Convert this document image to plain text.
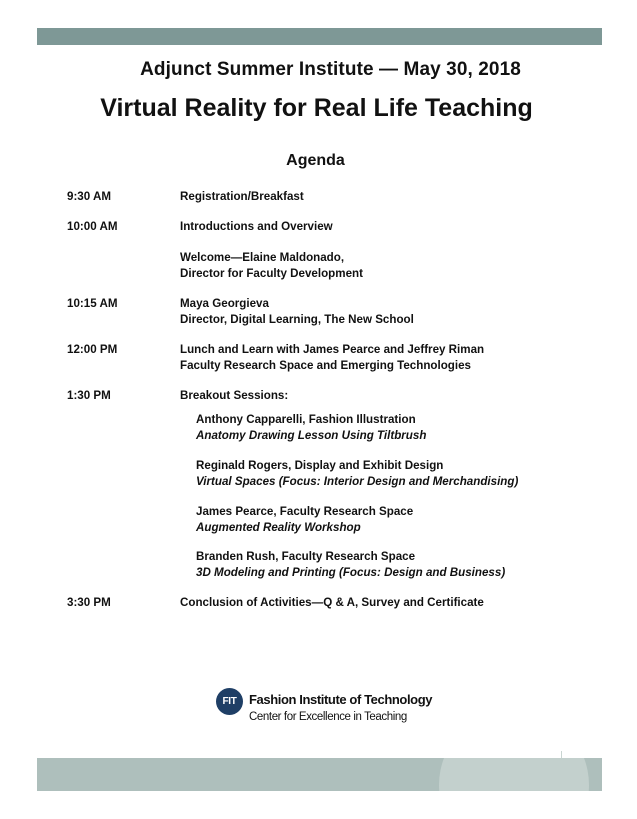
Adjunct Summer Institute — May 30, 2018
Virtual Reality for Real Life Teaching
Agenda
9:30 AM	Registration/Breakfast
10:00 AM	Introductions and Overview
Welcome—Elaine Maldonado,
Director for Faculty Development
10:15 AM	Maya Georgieva
Director, Digital Learning, The New School
12:00 PM	Lunch and Learn with James Pearce and Jeffrey Riman
Faculty Research Space and Emerging Technologies
1:30 PM	Breakout Sessions:
Anthony Capparelli, Fashion Illustration
Anatomy Drawing Lesson Using Tiltbrush
Reginald Rogers, Display and Exhibit Design
Virtual Spaces (Focus: Interior Design and Merchandising)
James Pearce, Faculty Research Space
Augmented Reality Workshop
Branden Rush, Faculty Research Space
3D Modeling and Printing (Focus: Design and Business)
3:30 PM	Conclusion of Activities—Q & A, Survey and Certificate
FIT Fashion Institute of Technology
Center for Excellence in Teaching
